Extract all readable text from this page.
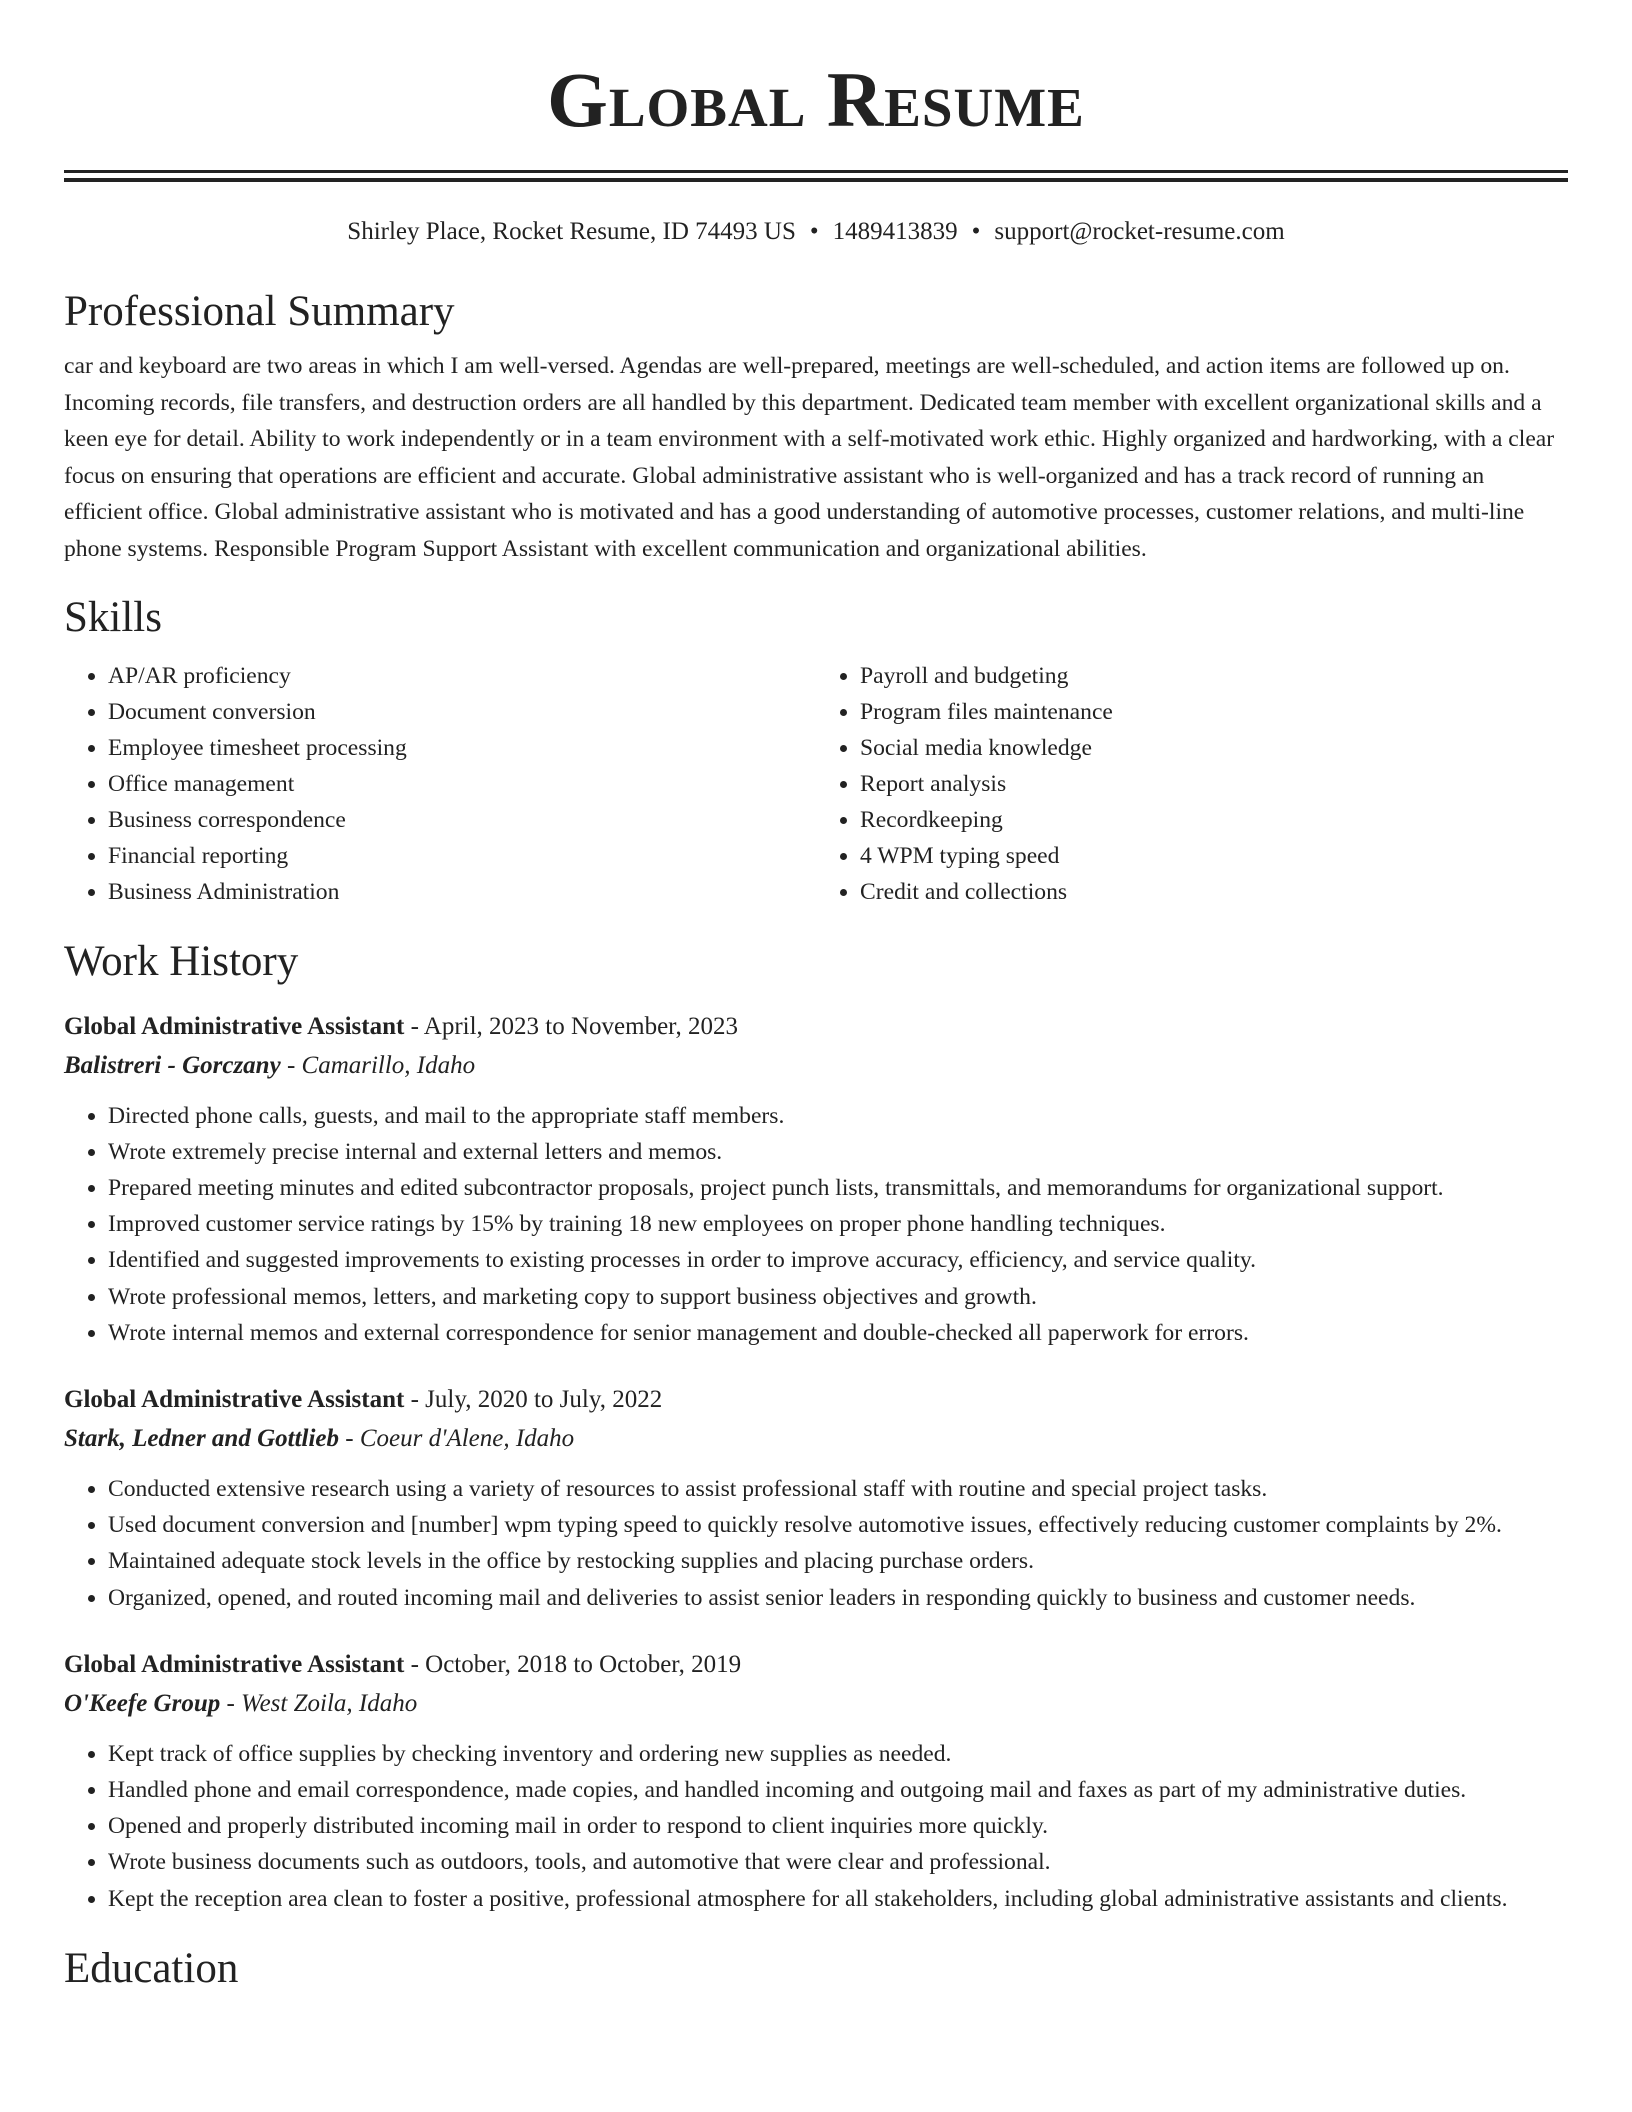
Global Resume
Shirley Place, Rocket Resume, ID 74493 US • 1489413839 • support@rocket-resume.com
Professional Summary

car and keyboard are two areas in which I am well-versed. Agendas are well-prepared, meetings are well-scheduled, and action items are followed up on. Incoming records, file transfers, and destruction orders are all handled by this department. Dedicated team member with excellent organizational skills and a keen eye for detail. Ability to work independently or in a team environment with a self-motivated work ethic. Highly organized and hardworking, with a clear focus on ensuring that operations are efficient and accurate. Global administrative assistant who is well-organized and has a track record of running an efficient office. Global administrative assistant who is motivated and has a good understanding of automotive processes, customer relations, and multi-line phone systems. Responsible Program Support Assistant with excellent communication and organizational abilities.

Skills
• AP/AR proficiency
• Document conversion
• Employee timesheet processing
• Office management
• Business correspondence
• Financial reporting
• Business Administration
• Payroll and budgeting
• Program files maintenance
• Social media knowledge
• Report analysis
• Recordkeeping
• 4 WPM typing speed
• Credit and collections
Work History
Global Administrative Assistant - April, 2023 to November, 2023
Balistreri - Gorczany - Camarillo, Idaho
• Directed phone calls, guests, and mail to the appropriate staff members.
• Wrote extremely precise internal and external letters and memos.
• Prepared meeting minutes and edited subcontractor proposals, project punch lists, transmittals, and memorandums for organizational support.
• Improved customer service ratings by 15% by training 18 new employees on proper phone handling techniques.
• Identified and suggested improvements to existing processes in order to improve accuracy, efficiency, and service quality.
• Wrote professional memos, letters, and marketing copy to support business objectives and growth.
• Wrote internal memos and external correspondence for senior management and double-checked all paperwork for errors.
Global Administrative Assistant - July, 2020 to July, 2022
Stark, Ledner and Gottlieb - Coeur d'Alene, Idaho
• Conducted extensive research using a variety of resources to assist professional staff with routine and special project tasks.
• Used document conversion and [number] wpm typing speed to quickly resolve automotive issues, effectively reducing customer complaints by 2%.
• Maintained adequate stock levels in the office by restocking supplies and placing purchase orders.
• Organized, opened, and routed incoming mail and deliveries to assist senior leaders in responding quickly to business and customer needs.
Global Administrative Assistant - October, 2018 to October, 2019
O'Keefe Group - West Zoila, Idaho
• Kept track of office supplies by checking inventory and ordering new supplies as needed.
• Handled phone and email correspondence, made copies, and handled incoming and outgoing mail and faxes as part of my administrative duties.
• Opened and properly distributed incoming mail in order to respond to client inquiries more quickly.
• Wrote business documents such as outdoors, tools, and automotive that were clear and professional.
• Kept the reception area clean to foster a positive, professional atmosphere for all stakeholders, including global administrative assistants and clients.
Education
